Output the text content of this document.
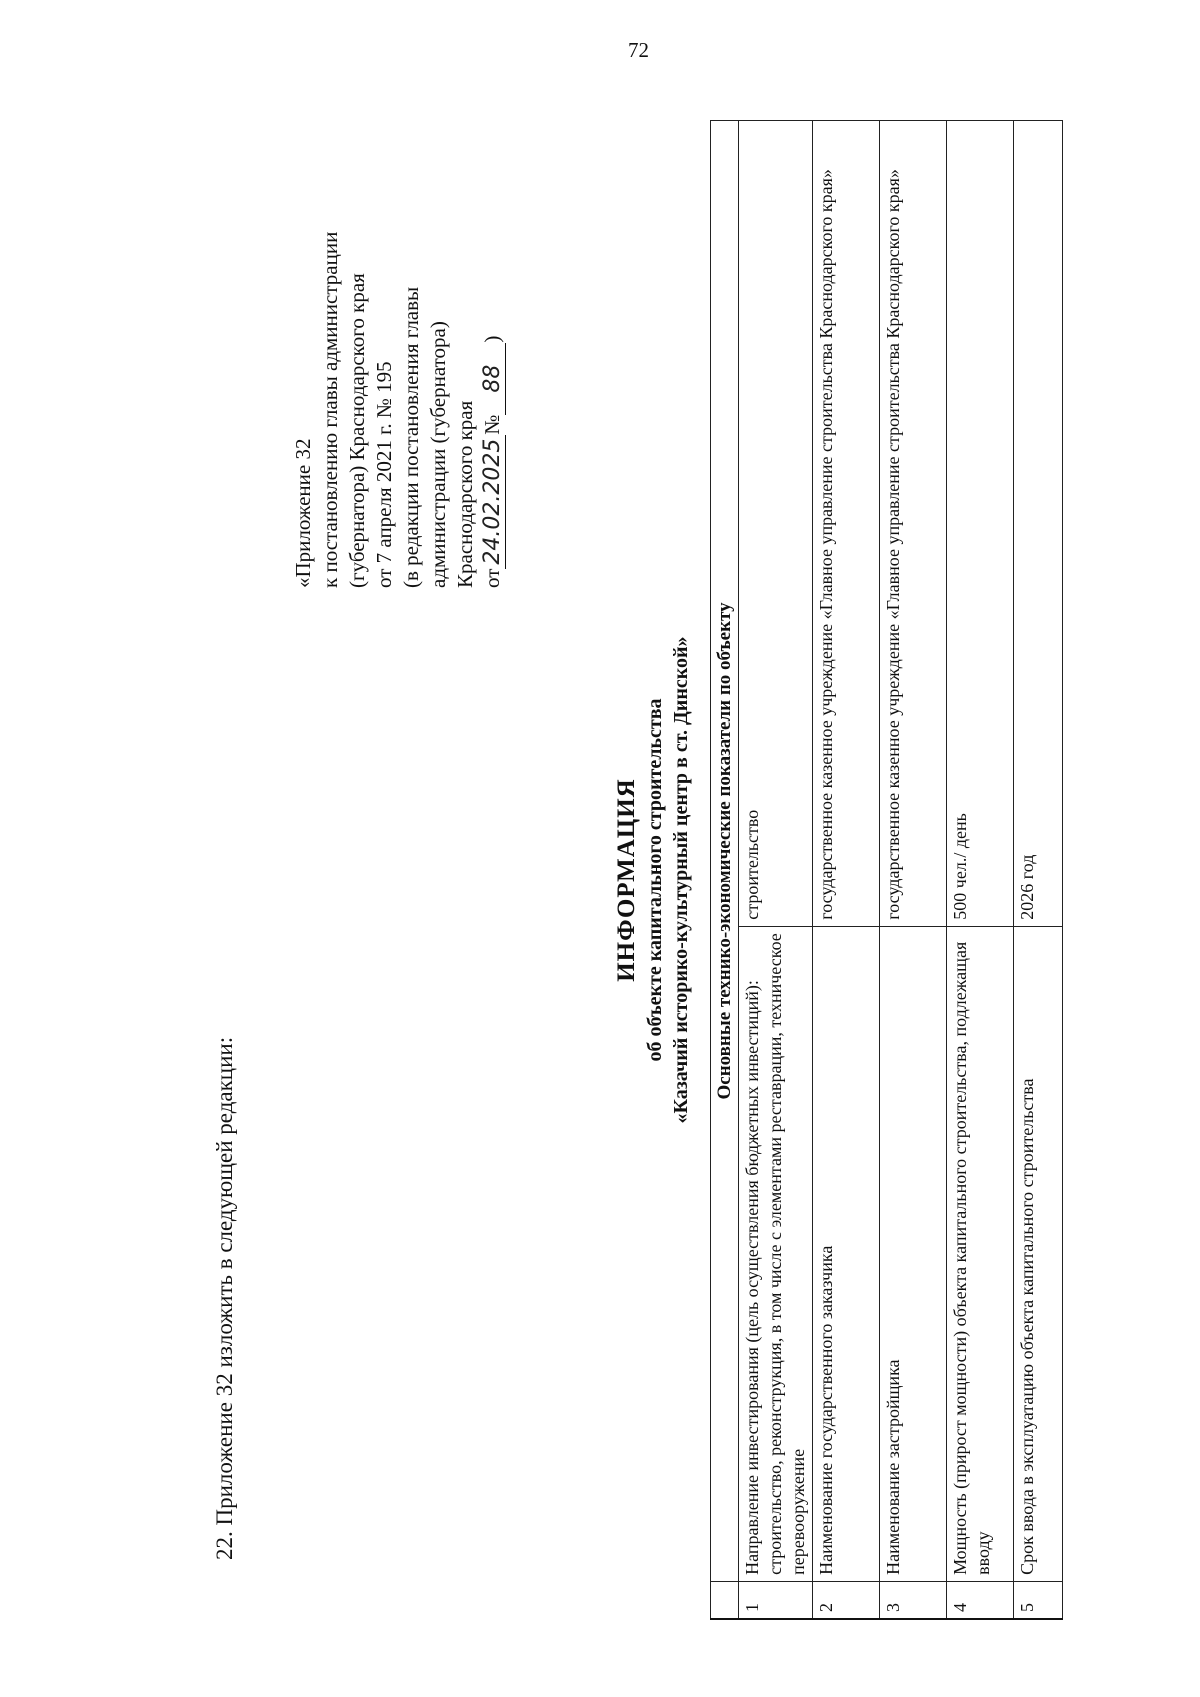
72
22. Приложение 32 изложить в следующей редакции:
«Приложение 32 к постановлению главы администрации (губернатора) Краснодарского края от 7 апреля 2021 г. № 195 (в редакции постановления главы администрации (губернатора) Краснодарского края от24.02.2025№88)
ИНФОРМАЦИЯ об объекте капитального строительства «Казачий историко-культурный центр в ст. Динской»
	Основные технико-экономические показатели по объекту	
1	Направление инвестирования (цель осуществления бюджетных инвестиций): строительство, реконструкция, в том числе с элементами реставрации, техническое перевооружение	строительство
2	Наименование государственного заказчика	государственное казенное учреждение «Главное управление строительства Краснодарского края»
3	Наименование застройщика	государственное казенное учреждение «Главное управление строительства Краснодарского края»
4	Мощность (прирост мощности) объекта капитального строительства, подлежащая вводу	500 чел./ день
5	Срок ввода в эксплуатацию объекта капитального строительства	2026 год
